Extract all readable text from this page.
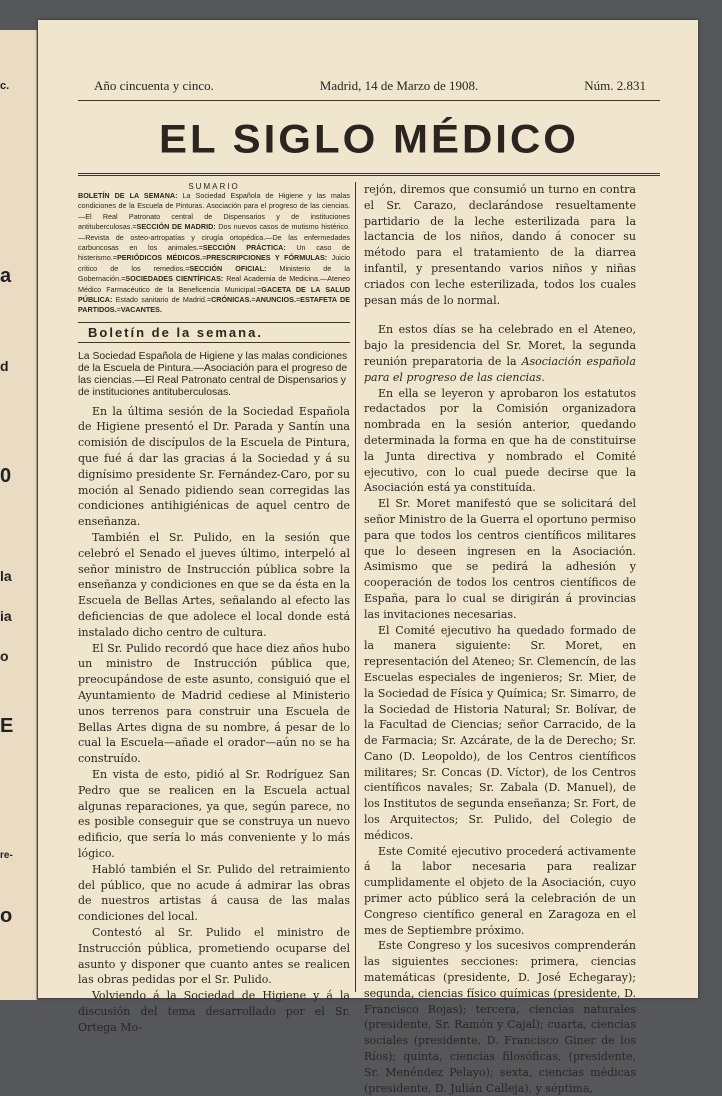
c.
a
d
0
la
ia
o
E
re-
o
Año cincuenta y cinco.	Madrid, 14 de Marzo de 1908.	Núm. 2.831
EL SIGLO MÉDICO
SUMARIO
BOLETÍN DE LA SEMANA: La Sociedad Española de Higiene y las malas condiciones de la Escuela de Pinturas. Asociación para el progreso de las ciencias.—El Real Patronato central de Dispensarios y de instituciones antituberculosas.=SECCIÓN DE MADRID: Dos nuevos casos de mutismo histérico.—Revista de osteo-artropatías y cirugía ortopédica.—De las enfermedades carbuncosas en los animales.=SECCIÓN PRÁCTICA: Un caso de histerismo.=PERIÓDICOS MÉDICOS.=PRESCRIPCIONES Y FÓRMULAS: Juicio crítico de los remedios.=SECCIÓN OFICIAL: Ministerio de la Gobernación.=SOCIEDADES CIENTÍFICAS: Real Academia de Medicina.—Ateneo Médico Farmacéutico de la Beneficencia Municipal.=GACETA DE LA SALUD PÚBLICA: Estado sanitario de Madrid.=CRÓNICAS.=ANUNCIOS.=ESTAFETA DE PARTIDOS.=VACANTES.
Boletín de la semana.
La Sociedad Española de Higiene y las malas condiciones de la Escuela de Pintura.—Asociación para el progreso de las ciencias.—El Real Patronato central de Dispensarios y de instituciones antituberculosas.

En la última sesión de la Sociedad Española de Higiene presentó el Dr. Parada y Santín una comisión de discípulos de la Escuela de Pintura, que fué á dar las gracias á la Sociedad y á su dignísimo presidente Sr. Fernández-Caro, por su moción al Senado pidiendo sean corregidas las condiciones antihigiénicas de aquel centro de enseñanza.

También el Sr. Pulido, en la sesión que celebró el Senado el jueves último, interpeló al señor ministro de Instrucción pública sobre la enseñanza y condiciones en que se da ésta en la Escuela de Bellas Artes, señalando al efecto las deficiencias de que adolece el local donde está instalado dicho centro de cultura.

El Sr. Pulido recordó que hace diez años hubo un ministro de Instrucción pública que, preocupándose de este asunto, consiguió que el Ayuntamiento de Madrid cediese al Ministerio unos terrenos para construir una Escuela de Bellas Artes digna de su nombre, á pesar de lo cual la Escuela—añade el orador—aún no se ha construído.

En vista de esto, pidió al Sr. Rodríguez San Pedro que se realicen en la Escuela actual algunas reparaciones, ya que, según parece, no es posible conseguir que se construya un nuevo edificio, que sería lo más conveniente y lo más lógico.

Habló también el Sr. Pulido del retraimiento del público, que no acude á admirar las obras de nuestros artistas á causa de las malas condiciones del local.

Contestó al Sr. Pulido el ministro de Instrucción pública, prometiendo ocuparse del asunto y disponer que cuanto antes se realicen las obras pedidas por el Sr. Pulido.

Volviendo á la Sociedad de Higiene y á la discusión del tema desarrollado por el Sr. Ortega Mo-

rejón, diremos que consumió un turno en contra el Sr. Carazo, declarándose resueltamente partidario de la leche esterilizada para la lactancia de los niños, dando á conocer su método para el tratamiento de la diarrea infantil, y presentando varios niños y niñas criados con leche esterilizada, todos los cuales pesan más de lo normal.

En estos días se ha celebrado en el Ateneo, bajo la presidencia del Sr. Moret, la segunda reunión preparatoria de la Asociación española para el progreso de las ciencias.

En ella se leyeron y aprobaron los estatutos redactados por la Comisión organizadora nombrada en la sesión anterior, quedando determinada la forma en que ha de constituirse la Junta directiva y nombrado el Comité ejecutivo, con lo cual puede decirse que la Asociación está ya constituída.

El Sr. Moret manifestó que se solicitará del señor Ministro de la Guerra el oportuno permiso para que todos los centros científicos militares que lo deseen ingresen en la Asociación. Asimismo que se pedirá la adhesión y cooperación de todos los centros científicos de España, para lo cual se dirigirán á provincias las invitaciones necesarias.

El Comité ejecutivo ha quedado formado de la manera siguiente: Sr. Moret, en representación del Ateneo; Sr. Clemencín, de las Escuelas especiales de ingenieros; Sr. Mier, de la Sociedad de Física y Química; Sr. Simarro, de la Sociedad de Historia Natural; Sr. Bolívar, de la Facultad de Ciencias; señor Carracido, de la de Farmacia; Sr. Azcárate, de la de Derecho; Sr. Cano (D. Leopoldo), de los Centros científicos militares; Sr. Concas (D. Víctor), de los Centros científicos navales; Sr. Zabala (D. Manuel), de los Institutos de segunda enseñanza; Sr. Fort, de los Arquitectos; Sr. Pulido, del Colegio de médicos.

Este Comité ejecutivo procederá activamente á la labor necesaria para realizar cumplidamente el objeto de la Asociación, cuyo primer acto público será la celebración de un Congreso científico general en Zaragoza en el mes de Septiembre próximo.

Este Congreso y los sucesivos comprenderán las siguientes secciones: primera, ciencias matemáticas (presidente, D. José Echegaray); segunda, ciencias físico químicas (presidente, D. Francisco Rojas); tercera, ciencias naturales (presidente, Sr. Ramón y Cajal); cuarta, ciencias sociales (presidente, D. Francisco Giner de los Ríos); quinta, ciencias filosóficas, (presidente, Sr. Menéndez Pelayo); sexta, ciencias médicas (presidente, D. Julián Calleja), y séptima,
